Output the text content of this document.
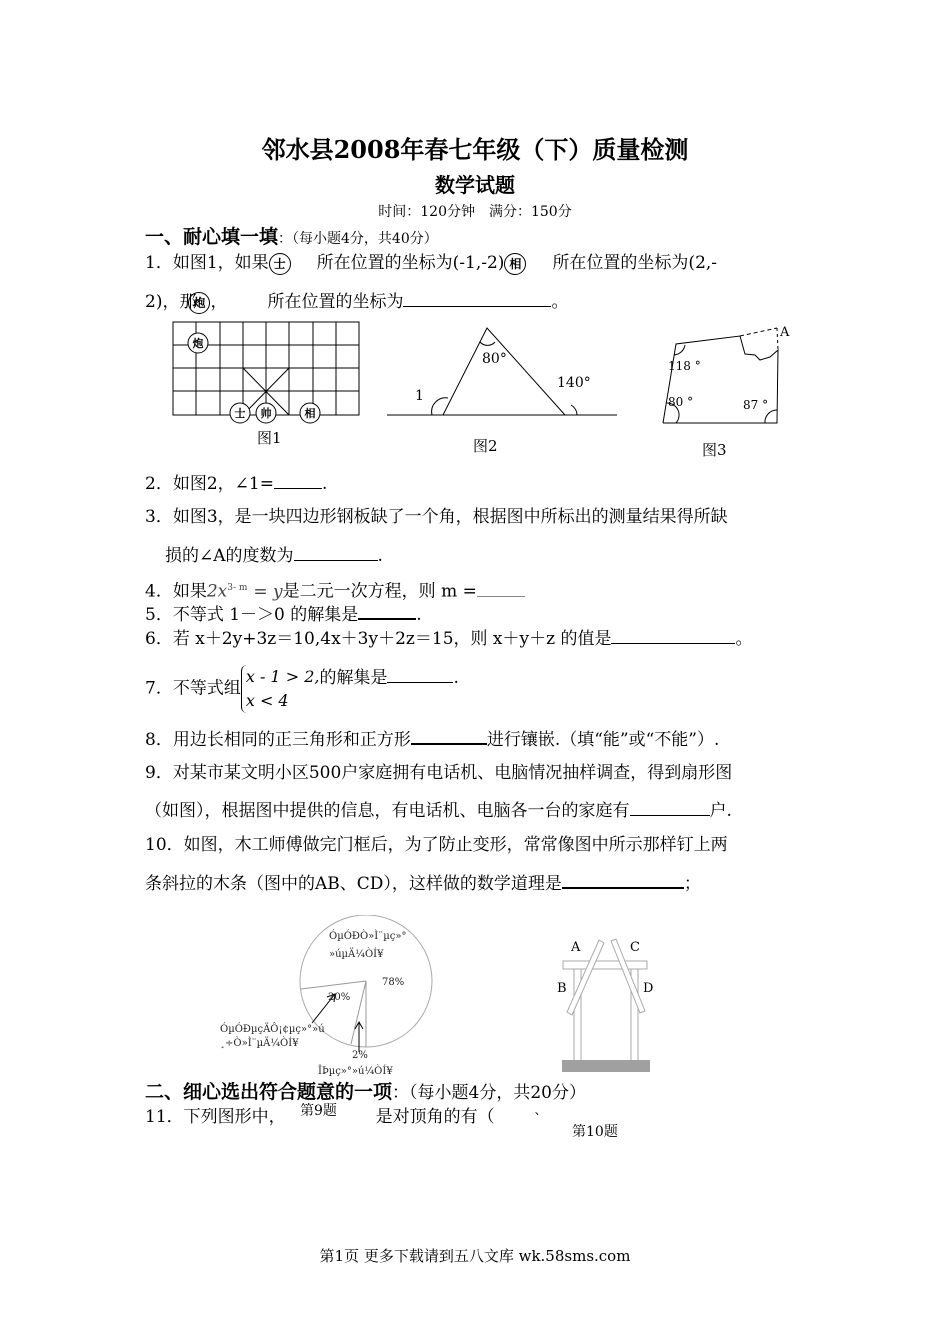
邻水县2008年春七年级（下）质量检测
数学试题
时间：120分钟　满分：150分
一、耐心填一填：（每小题4分，共40分）
1．如图1，如果 士 所在位置的坐标为(-1,-2) 相 所在位置的坐标为(2,-
2)，那炮 ， 所在位置的坐标为	。
炮
士 帅	相
图1
1
80°
140°
图2
A
118 °
80 °	87 °
图3
2．如图2，∠1=	.
3．如图3，是一块四边形钢板缺了一个角，根据图中所标出的测量结果得所缺
损的∠A的度数为	.
4．如果$2x^{3- m} = y$是二元一次方程，则 m =
5．不等式 1－＞0 的解集是	.
6．若 x＋2y+3z＝10,4x＋3y＋2z＝15，则 x＋y＋z 的值是	。
7．不等式组x - 1 > 2,
x < 4的解集是	.
8．用边长相同的正三角形和正方形	进行镶嵌.（填“能”或“不能”）.
9．对某市某文明小区500户家庭拥有电话机、电脑情况抽样调查，得到扇形图
（如图），根据图中提供的信息，有电话机、电脑各一台的家庭有	户.
10．如图，木工师傅做完门框后，为了防止变形，常常像图中所示那样钉上两
条斜拉的木条（图中的AB、CD），这样做的数学道理是	；
ÓµÓÐÒ»Ì¨µç»°
»úµÄ¼ÒÍ¥
78%
20%
ÓµÓÐµçÄÔ¡¢µç»°»ú
¸÷Ò»Ì¨µÄ¼ÒÍ¥
2%
ÎÞµç»°»ú¼ÒÍ¥
第9题
A	C
B	D
第10题
二、细心选出符合题意的一项：（每小题4分，共20分）
11．下列图形中，	是对顶角的有（	、
第1页 更多下载请到五八文库 wk.58sms.com
